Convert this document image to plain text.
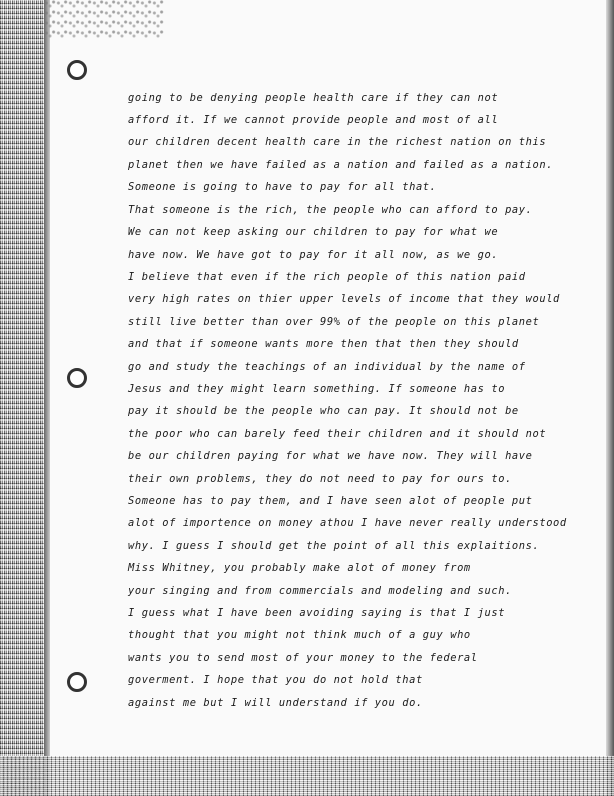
going to be denying people health care if they can not
afford it. If we cannot provide people and most of all
our children decent health care in the richest nation on this
planet then we have failed as a nation and failed as a nation.
Someone is going to have to pay for all that.
That someone is the rich, the people who can afford to pay.
We can not keep asking our children to pay for what we
have now. We have got to pay for it all now, as we go.
I believe that even if the rich people of this nation paid
very high rates on thier upper levels of income that they would
still live better than over 99% of the people on this planet
and that if someone wants more then that then they should
go and study the teachings of an individual by the name of
Jesus and they might learn something. If someone has to
pay it should be the people who can pay. It should not be
the poor who can barely feed their children and it should not
be our children paying for what we have now. They will have
their own problems, they do not need to pay for ours to.
Someone has to pay them, and I have seen alot of people put
alot of importence on money athou I have never really understood
why. I guess I should get the point of all this explaitions.
Miss Whitney, you probably make alot of money from
your singing and from commercials and modeling and such.
I guess what I have been avoiding saying is that I just
thought that you might not think much of a guy who
wants you to send most of your money to the federal
goverment. I hope that you do not hold that
against me but I will understand if you do.
